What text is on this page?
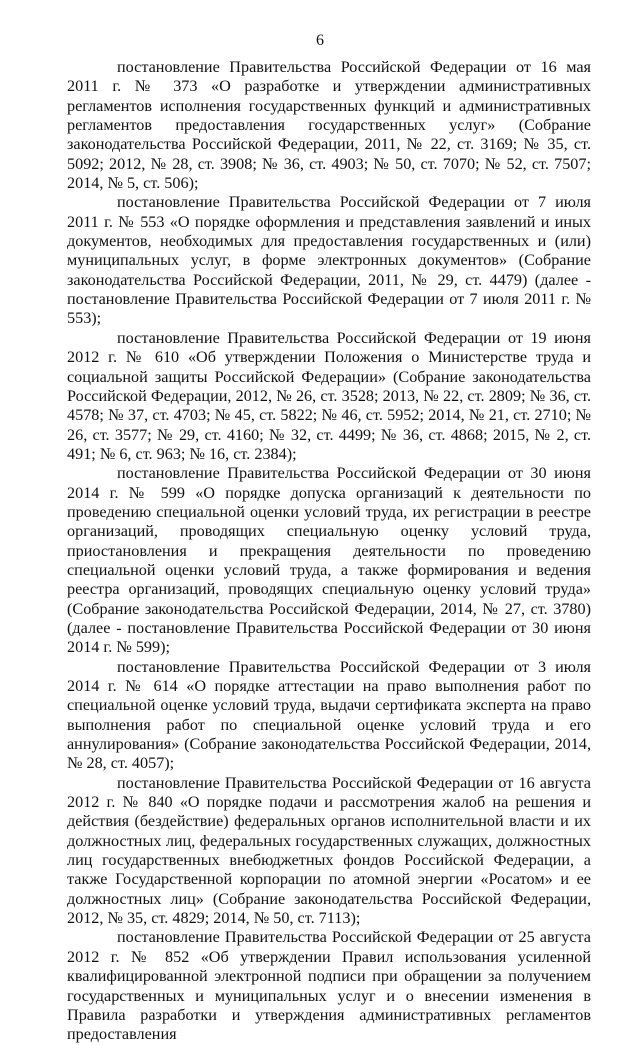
6

постановление Правительства Российской Федерации от 16 мая 2011 г. № 373 «О разработке и утверждении административных регламентов исполнения государственных функций и административных регламентов предоставления государственных услуг» (Собрание законодательства Российской Федерации, 2011, № 22, ст. 3169; № 35, ст. 5092; 2012, № 28, ст. 3908; № 36, ст. 4903; № 50, ст. 7070; № 52, ст. 7507; 2014, № 5, ст. 506);

постановление Правительства Российской Федерации от 7 июля 2011 г. № 553 «О порядке оформления и представления заявлений и иных документов, необходимых для предоставления государственных и (или) муниципальных услуг, в форме электронных документов» (Собрание законодательства Российской Федерации, 2011, № 29, ст. 4479) (далее - постановление Правительства Российской Федерации от 7 июля 2011 г. № 553);

постановление Правительства Российской Федерации от 19 июня 2012 г. № 610 «Об утверждении Положения о Министерстве труда и социальной защиты Российской Федерации» (Собрание законодательства Российской Федерации, 2012, № 26, ст. 3528; 2013, № 22, ст. 2809; № 36, ст. 4578; № 37, ст. 4703; № 45, ст. 5822; № 46, ст. 5952; 2014, № 21, ст. 2710; № 26, ст. 3577; № 29, ст. 4160; № 32, ст. 4499; № 36, ст. 4868; 2015, № 2, ст. 491; № 6, ст. 963; № 16, ст. 2384);

постановление Правительства Российской Федерации от 30 июня 2014 г. № 599 «О порядке допуска организаций к деятельности по проведению специальной оценки условий труда, их регистрации в реестре организаций, проводящих специальную оценку условий труда, приостановления и прекращения деятельности по проведению специальной оценки условий труда, а также формирования и ведения реестра организаций, проводящих специальную оценку условий труда» (Собрание законодательства Российской Федерации, 2014, № 27, ст. 3780) (далее - постановление Правительства Российской Федерации от 30 июня 2014 г. № 599);

постановление Правительства Российской Федерации от 3 июля 2014 г. № 614 «О порядке аттестации на право выполнения работ по специальной оценке условий труда, выдачи сертификата эксперта на право выполнения работ по специальной оценке условий труда и его аннулирования» (Собрание законодательства Российской Федерации, 2014, № 28, ст. 4057);

постановление Правительства Российской Федерации от 16 августа 2012 г. № 840 «О порядке подачи и рассмотрения жалоб на решения и действия (бездействие) федеральных органов исполнительной власти и их должностных лиц, федеральных государственных служащих, должностных лиц государственных внебюджетных фондов Российской Федерации, а также Государственной корпорации по атомной энергии «Росатом» и ее должностных лиц» (Собрание законодательства Российской Федерации, 2012, № 35, ст. 4829; 2014, № 50, ст. 7113);

постановление Правительства Российской Федерации от 25 августа 2012 г. № 852 «Об утверждении Правил использования усиленной квалифицированной электронной подписи при обращении за получением государственных и муниципальных услуг и о внесении изменения в Правила разработки и утверждения административных регламентов предоставления
